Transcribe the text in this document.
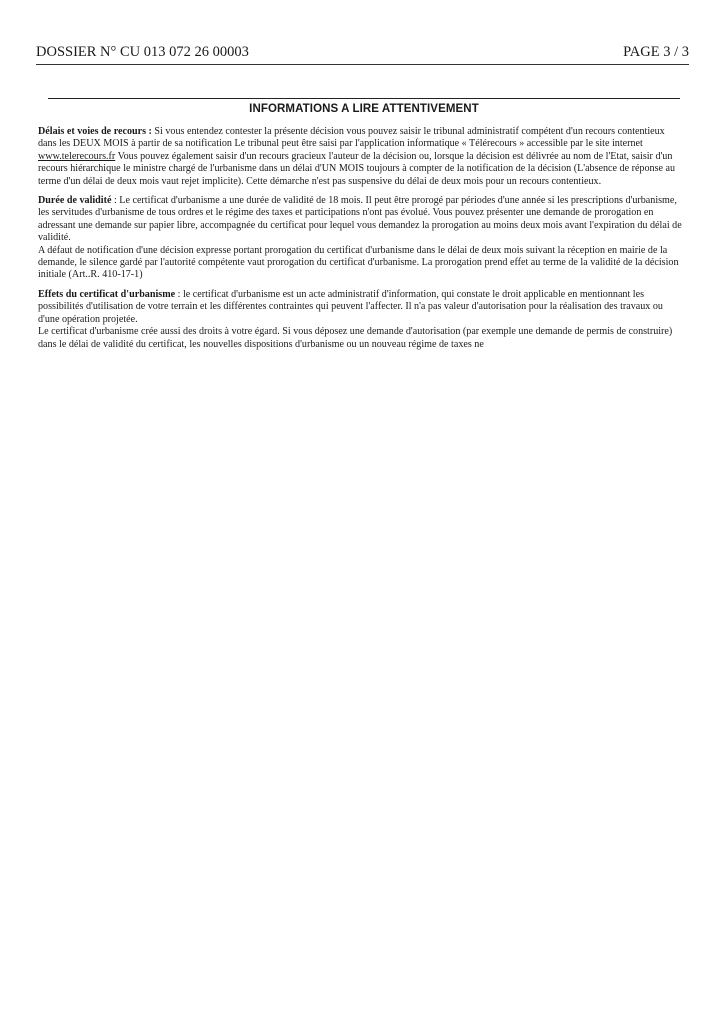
DOSSIER N° CU 013 072 26 00003	PAGE 3 / 3
INFORMATIONS A LIRE ATTENTIVEMENT

Délais et voies de recours : Si vous entendez contester la présente décision vous pouvez saisir le tribunal administratif compétent d'un recours contentieux dans les DEUX MOIS à partir de sa notification Le tribunal peut être saisi par l'application informatique « Télérecours » accessible par le site internet www.telerecours.fr Vous pouvez également saisir d'un recours gracieux l'auteur de la décision ou, lorsque la décision est délivrée au nom de l'Etat, saisir d'un recours hiérarchique le ministre chargé de l'urbanisme dans un délai d'UN MOIS toujours à compter de la notification de la décision (L'absence de réponse au terme d'un délai de deux mois vaut rejet implicite). Cette démarche n'est pas suspensive du délai de deux mois pour un recours contentieux.

Durée de validité : Le certificat d'urbanisme a une durée de validité de 18 mois. Il peut être prorogé par périodes d'une année si les prescriptions d'urbanisme, les servitudes d'urbanisme de tous ordres et le régime des taxes et participations n'ont pas évolué. Vous pouvez présenter une demande de prorogation en adressant une demande sur papier libre, accompagnée du certificat pour lequel vous demandez la prorogation au moins deux mois avant l'expiration du délai de validité.

A défaut de notification d'une décision expresse portant prorogation du certificat d'urbanisme dans le délai de deux mois suivant la réception en mairie de la demande, le silence gardé par l'autorité compétente vaut prorogation du certificat d'urbanisme. La prorogation prend effet au terme de la validité de la décision initiale (Art..R. 410-17-1)

Effets du certificat d'urbanisme : le certificat d'urbanisme est un acte administratif d'information, qui constate le droit applicable en mentionnant les possibilités d'utilisation de votre terrain et les différentes contraintes qui peuvent l'affecter. Il n'a pas valeur d'autorisation pour la réalisation des travaux ou d'une opération projetée.

Le certificat d'urbanisme crée aussi des droits à votre égard. Si vous déposez une demande d'autorisation (par exemple une demande de permis de construire) dans le délai de validité du certificat, les nouvelles dispositions d'urbanisme ou un nouveau régime de taxes ne
